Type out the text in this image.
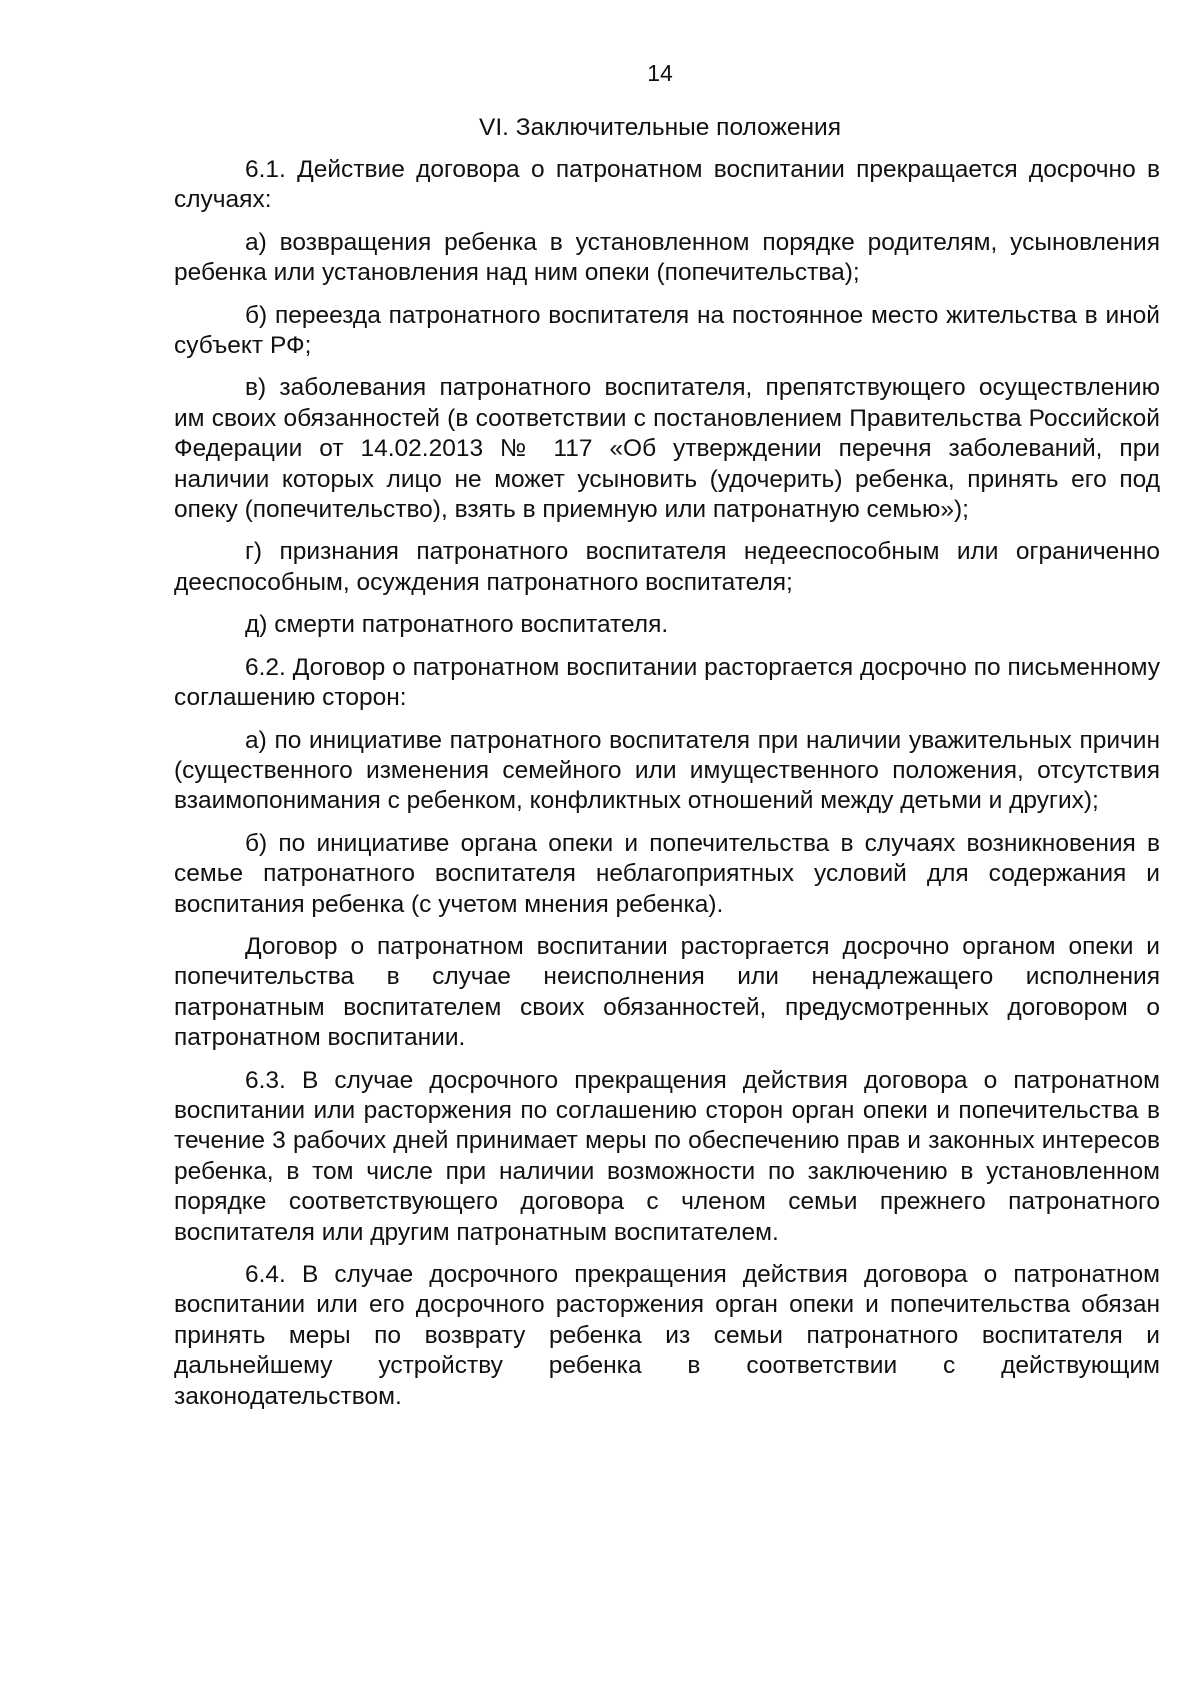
14
VI. Заключительные положения

6.1. Действие договора о патронатном воспитании прекращается досрочно в случаях:

а) возвращения ребенка в установленном порядке родителям, усыновления ребенка или установления над ним опеки (попечительства);

б) переезда патронатного воспитателя на постоянное место жительства в иной субъект РФ;

в) заболевания патронатного воспитателя, препятствующего осуществлению им своих обязанностей (в соответствии с постановлением Правительства Российской Федерации от 14.02.2013 № 117 «Об утверждении перечня заболеваний, при наличии которых лицо не может усыновить (удочерить) ребенка, принять его под опеку (попечительство), взять в приемную или патронатную семью»);

г) признания патронатного воспитателя недееспособным или ограниченно дееспособным, осуждения патронатного воспитателя;

д) смерти патронатного воспитателя.

6.2. Договор о патронатном воспитании расторгается досрочно по письменному соглашению сторон:

а) по инициативе патронатного воспитателя при наличии уважительных причин (существенного изменения семейного или имущественного положения, отсутствия взаимопонимания с ребенком, конфликтных отношений между детьми и других);

б) по инициативе органа опеки и попечительства в случаях возникновения в семье патронатного воспитателя неблагоприятных условий для содержания и воспитания ребенка (с учетом мнения ребенка).

Договор о патронатном воспитании расторгается досрочно органом опеки и попечительства в случае неисполнения или ненадлежащего исполнения патронатным воспитателем своих обязанностей, предусмотренных договором о патронатном воспитании.

6.3. В случае досрочного прекращения действия договора о патронатном воспитании или расторжения по соглашению сторон орган опеки и попечительства в течение 3 рабочих дней принимает меры по обеспечению прав и законных интересов ребенка, в том числе при наличии возможности по заключению в установленном порядке соответствующего договора с членом семьи прежнего патронатного воспитателя или другим патронатным воспитателем.

6.4. В случае досрочного прекращения действия договора о патронатном воспитании или его досрочного расторжения орган опеки и попечительства обязан принять меры по возврату ребенка из семьи патронатного воспитателя и дальнейшему устройству ребенка в соответствии с действующим законодательством.
